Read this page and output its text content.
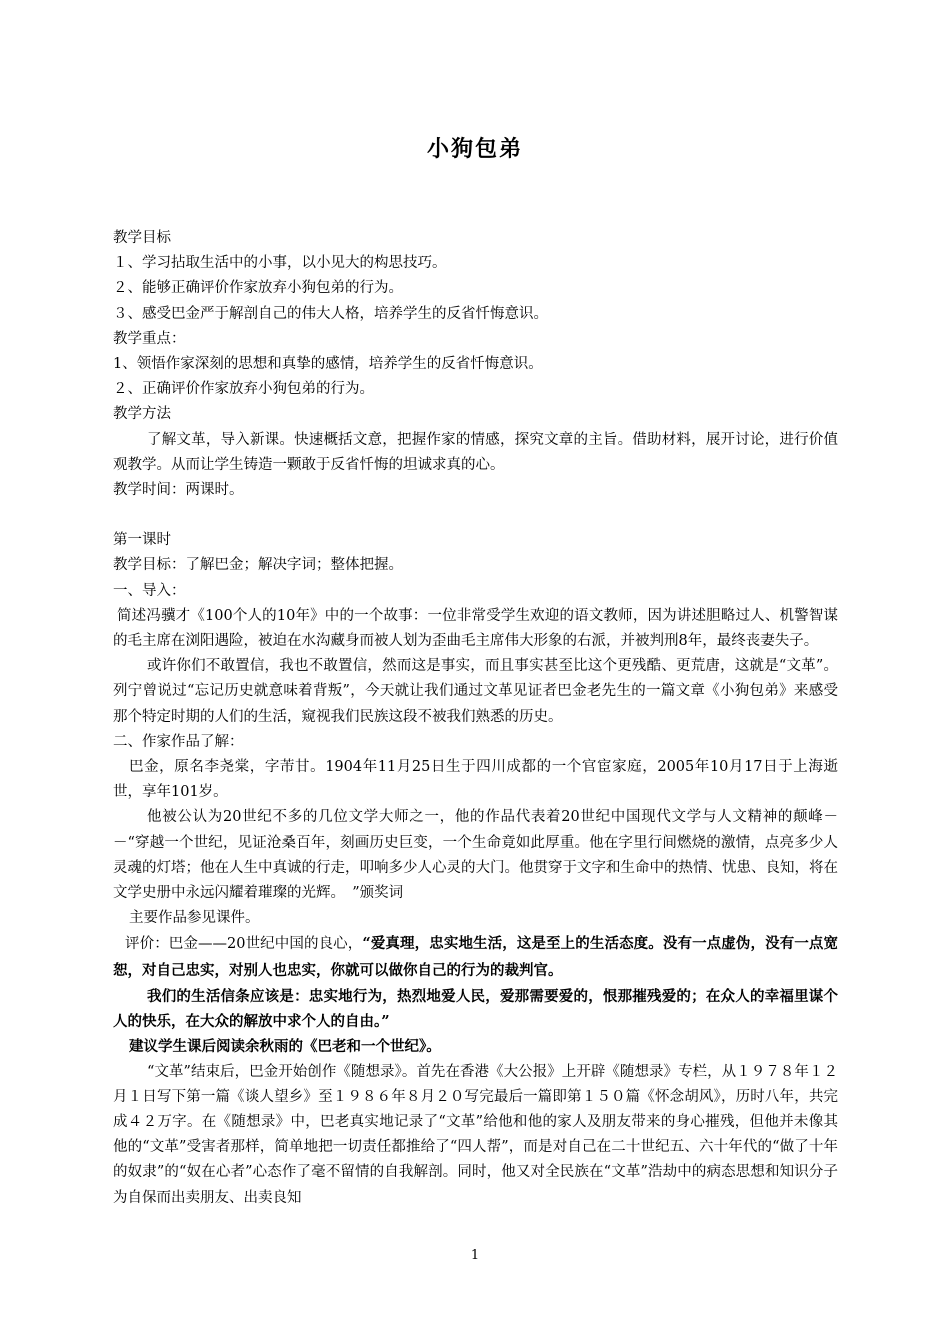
小狗包弟

教学目标

１、学习拈取生活中的小事，以小见大的构思技巧。

２、能够正确评价作家放弃小狗包弟的行为。

３、感受巴金严于解剖自己的伟大人格，培养学生的反省忏悔意识。

教学重点：

1、领悟作家深刻的思想和真挚的感情，培养学生的反省忏悔意识。

２、正确评价作家放弃小狗包弟的行为。

教学方法

了解文革，导入新课。快速概括文意，把握作家的情感，探究文章的主旨。借助材料，展开讨论，进行价值观教学。从而让学生铸造一颗敢于反省忏悔的坦诚求真的心。

教学时间：两课时。

第一课时

教学目标：了解巴金；解决字词；整体把握。

一、导入：

简述冯骥才《100个人的10年》中的一个故事：一位非常受学生欢迎的语文教师，因为讲述胆略过人、机警智谋的毛主席在浏阳遇险，被迫在水沟藏身而被人划为歪曲毛主席伟大形象的右派，并被判刑8年，最终丧妻失子。

或许你们不敢置信，我也不敢置信，然而这是事实，而且事实甚至比这个更残酷、更荒唐，这就是“文革”。列宁曾说过“忘记历史就意味着背叛”，今天就让我们通过文革见证者巴金老先生的一篇文章《小狗包弟》来感受那个特定时期的人们的生活，窥视我们民族这段不被我们熟悉的历史。

二、作家作品了解：

巴金，原名李尧棠，字芾甘。1904年11月25日生于四川成都的一个官宦家庭，2005年10月17日于上海逝世，享年101岁。

他被公认为20世纪不多的几位文学大师之一，他的作品代表着20世纪中国现代文学与人文精神的颠峰－－“穿越一个世纪，见证沧桑百年，刻画历史巨变，一个生命竟如此厚重。他在字里行间燃烧的激情，点亮多少人灵魂的灯塔；他在人生中真诚的行走，叩响多少人心灵的大门。他贯穿于文字和生命中的热情、忧患、良知，将在文学史册中永远闪耀着璀璨的光辉。　”颁奖词

主要作品参见课件。

评价：巴金——20世纪中国的良心，“爱真理，忠实地生活，这是至上的生活态度。没有一点虚伪，没有一点宽恕，对自己忠实，对别人也忠实，你就可以做你自己的行为的裁判官。

我们的生活信条应该是：忠实地行为，热烈地爱人民，爱那需要爱的，恨那摧残爱的；在众人的幸福里谋个人的快乐，在大众的解放中求个人的自由。”

建议学生课后阅读余秋雨的《巴老和一个世纪》。

“文革”结束后，巴金开始创作《随想录》。首先在香港《大公报》上开辟《随想录》专栏，从１９７８年１２月１日写下第一篇《谈人望乡》至１９８６年８月２０写完最后一篇即第１５０篇《怀念胡风》，历时八年，共完成４２万字。在《随想录》中，巴老真实地记录了“文革”给他和他的家人及朋友带来的身心摧残，但他并未像其他的“文革”受害者那样，简单地把一切责任都推给了“四人帮”，而是对自己在二十世纪五、六十年代的“做了十年的奴隶”的“奴在心者”心态作了毫不留情的自我解剖。同时，他又对全民族在“文革”浩劫中的病态思想和知识分子为自保而出卖朋友、出卖良知

1
